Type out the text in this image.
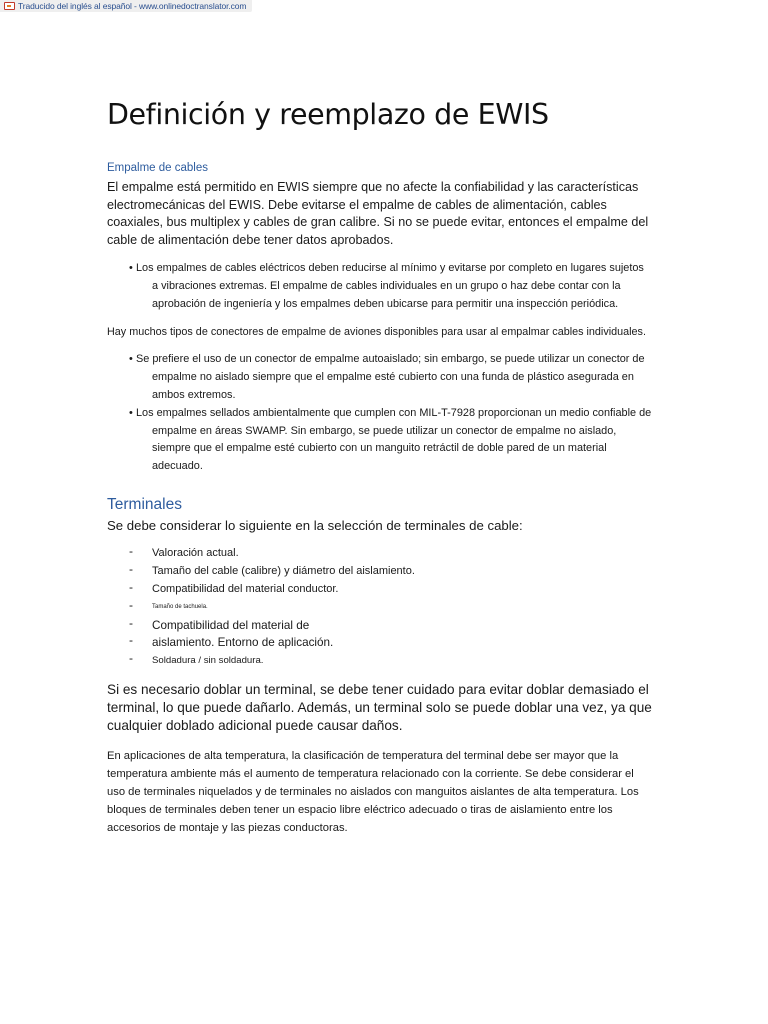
Traducido del inglés al español - www.onlinedoctranslator.com
Definición y reemplazo de EWIS
Empalme de cables
El empalme está permitido en EWIS siempre que no afecte la confiabilidad y las características electromecánicas del EWIS. Debe evitarse el empalme de cables de alimentación, cables coaxiales, bus multiplex y cables de gran calibre. Si no se puede evitar, entonces el empalme del cable de alimentación debe tener datos aprobados.
• Los empalmes de cables eléctricos deben reducirse al mínimo y evitarse por completo en lugares sujetos a vibraciones extremas. El empalme de cables individuales en un grupo o haz debe contar con la aprobación de ingeniería y los empalmes deben ubicarse para permitir una inspección periódica.
Hay muchos tipos de conectores de empalme de aviones disponibles para usar al empalmar cables individuales.
• Se prefiere el uso de un conector de empalme autoaislado; sin embargo, se puede utilizar un conector de empalme no aislado siempre que el empalme esté cubierto con una funda de plástico asegurada en ambos extremos.
• Los empalmes sellados ambientalmente que cumplen con MIL-T-7928 proporcionan un medio confiable de empalme en áreas SWAMP. Sin embargo, se puede utilizar un conector de empalme no aislado, siempre que el empalme esté cubierto con un manguito retráctil de doble pared de un material adecuado.
Terminales
Se debe considerar lo siguiente en la selección de terminales de cable:
- Valoración actual.
- Tamaño del cable (calibre) y diámetro del aislamiento.
- Compatibilidad del material conductor.
- Tamaño de tachuela.
- Compatibilidad del material de
- aislamiento. Entorno de aplicación.
- Soldadura / sin soldadura.
Si es necesario doblar un terminal, se debe tener cuidado para evitar doblar demasiado el terminal, lo que puede dañarlo. Además, un terminal solo se puede doblar una vez, ya que cualquier doblado adicional puede causar daños.
En aplicaciones de alta temperatura, la clasificación de temperatura del terminal debe ser mayor que la temperatura ambiente más el aumento de temperatura relacionado con la corriente. Se debe considerar el uso de terminales niquelados y de terminales no aislados con manguitos aislantes de alta temperatura. Los bloques de terminales deben tener un espacio libre eléctrico adecuado o tiras de aislamiento entre los accesorios de montaje y las piezas conductoras.
